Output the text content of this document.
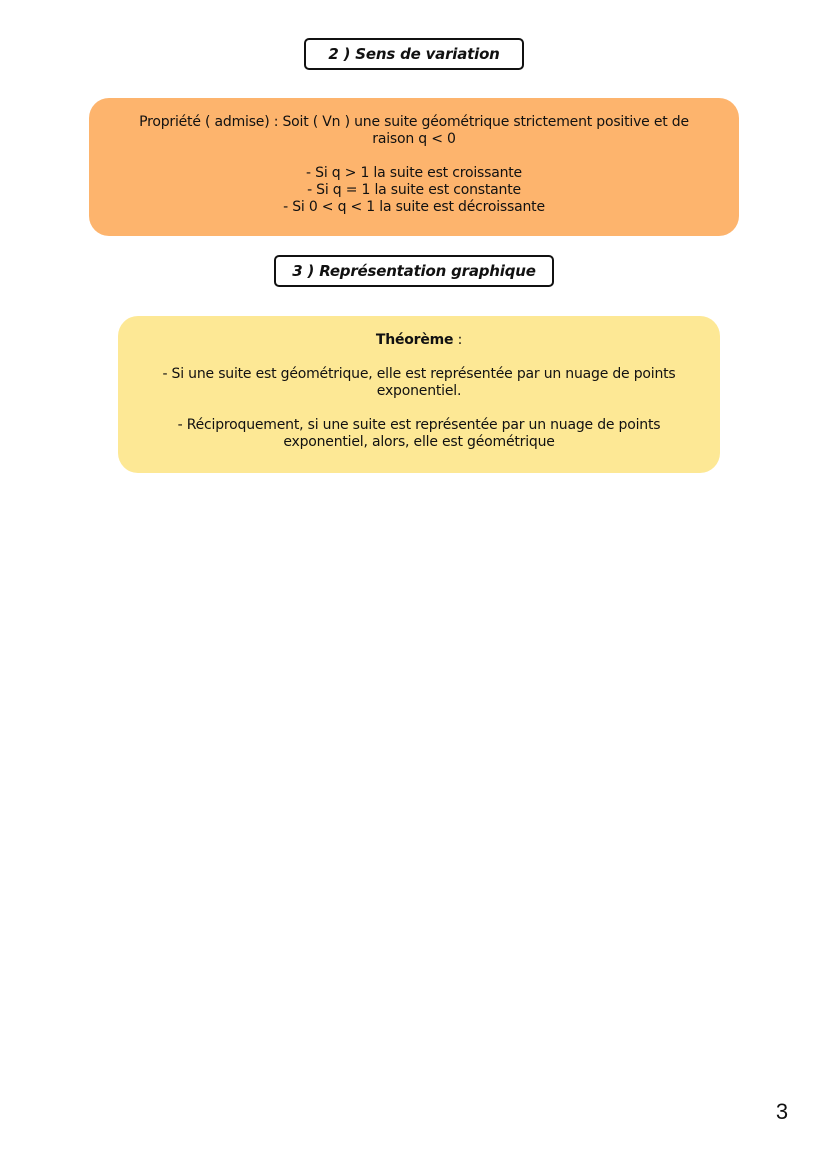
2 ) Sens de variation
Propriété ( admise) : Soit ( Vn ) une suite géométrique strictement positive et de
raison q < 0
- Si q > 1 la suite est croissante
- Si q = 1 la suite est constante
- Si 0 < q < 1 la suite est décroissante
3 ) Représentation graphique
Théorème :
- Si une suite est géométrique, elle est représentée par un nuage de points
exponentiel.
- Réciproquement, si une suite est représentée par un nuage de points
exponentiel, alors, elle est géométrique
3
